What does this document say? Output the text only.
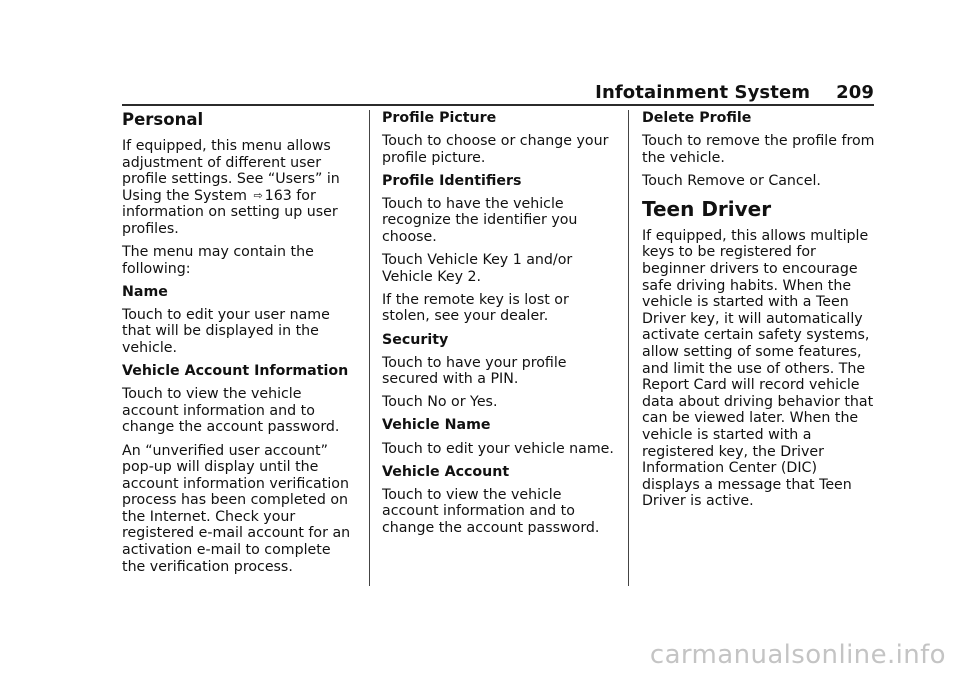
Infotainment System 209
Personal

If equipped, this menu allows adjustment of different user profile settings. See “Users” in Using the System ⇨ 163 for information on setting up user profiles.

The menu may contain the following:

Name

Touch to edit your user name that will be displayed in the vehicle.

Vehicle Account Information

Touch to view the vehicle account information and to change the account password.

An “unverified user account” pop-up will display until the account information verification process has been completed on the Internet. Check your registered e-mail account for an activation e-mail to complete the verification process.

Profile Picture

Touch to choose or change your profile picture.

Profile Identifiers

Touch to have the vehicle recognize the identifier you choose.

Touch Vehicle Key 1 and/or Vehicle Key 2.

If the remote key is lost or stolen, see your dealer.

Security

Touch to have your profile secured with a PIN.

Touch No or Yes.

Vehicle Name

Touch to edit your vehicle name.

Vehicle Account

Touch to view the vehicle account information and to change the account password.

Delete Profile

Touch to remove the profile from the vehicle.

Touch Remove or Cancel.

Teen Driver

If equipped, this allows multiple keys to be registered for beginner drivers to encourage safe driving habits. When the vehicle is started with a Teen Driver key, it will automatically activate certain safety systems, allow setting of some features, and limit the use of others. The Report Card will record vehicle data about driving behavior that can be viewed later. When the vehicle is started with a registered key, the Driver Information Center (DIC) displays a message that Teen Driver is active.

carmanualsonline.info
